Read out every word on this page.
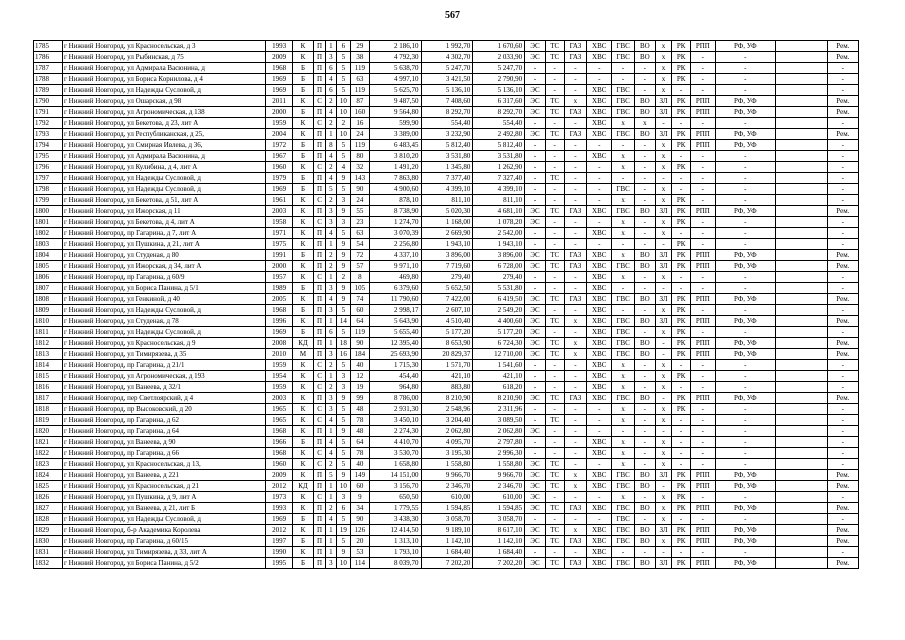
567
1785	г Нижний Новгород, ул Красносельская, д 3	1993	К	П	1	6	29	2 186,10	1 992,70	1 670,60	ЭС	ТС	ГАЗ	ХВС	ГВС	ВО	х	РК	РПП	РФ, УФ		Рем.
1786	г Нижний Новгород, ул Рыбинская, д 75	2009	К	П	3	5	38	4 792,30	4 302,70	2 033,90	ЭС	ТС	ГАЗ	ХВС	ГВС	ВО	х	РК	-	-		Рем.
1787	г Нижний Новгород, ул Адмирала Васюнина, д	1968	Б	П	6	5	119	5 638,70	5 247,70	5 247,70	-	-	-	-	-	-	х	РК	-	-		-
1788	г Нижний Новгород, ул Бориса Корнилова, д 4	1969	Б	П	4	5	63	4 997,10	3 421,50	2 790,90	-	-	-	-	-	-	х	РК	-	-		-
1789	г Нижний Новгород, ул Надежды Сусловой, д	1969	Б	П	6	5	119	5 625,70	5 136,10	5 136,10	ЭС	-	-	ХВС	ГВС	-	х	-	-	-		-
1790	г Нижний Новгород, ул Ошарская, д 98	2011	К	С	2	10	87	9 487,50	7 408,60	6 317,60	ЭС	ТС	х	ХВС	ГВС	ВО	ЗЛ	РК	РПП	РФ, УФ		Рем.
1791	г Нижний Новгород, ул Агрономическая, д 138	2000	Б	П	4	10	160	9 564,80	8 292,70	8 292,70	ЭС	ТС	ГАЗ	ХВС	ГВС	ВО	ЗЛ	РК	РПП	РФ, УФ		Рем.
1792	г Нижний Новгород, ул Бекетова, д 23, лит А	1959	К	С	2	2	16	599,90	554,40	554,40	-	-	-	ХВС	х	х	-	-	-	-		-
1793	г Нижний Новгород, ул Республиканская, д 25,	2004	К	П	1	10	24	3 389,00	3 232,90	2 492,80	ЭС	ТС	ГАЗ	ХВС	ГВС	ВО	ЗЛ	РК	РПП	РФ, УФ		Рем.
1794	г Нижний Новгород, ул Смирная Ивлева, д 36,	1972	Б	П	8	5	119	6 483,45	5 812,40	5 812,40	-	-	-	-	-	-	х	РК	РПП	РФ, УФ		-
1795	г Нижний Новгород, ул Адмирала Васюнина, д	1967	Б	П	4	5	80	3 810,20	3 531,80	3 531,80	-	-	-	ХВС	х	-	х	-	-	-		-
1796	г Нижний Новгород, ул Кулибина, д 4, лит А	1960	К	С	2	4	32	1 491,20	1 345,80	1 262,90	-	-	-	-	х	-	х	РК	-	-		-
1797	г Нижний Новгород, ул Надежды Сусловой, д	1979	Б	П	4	9	143	7 863,80	7 377,40	7 327,40	-	ТС	-	-	-	-	-	-	-	-		-
1798	г Нижний Новгород, ул Надежды Сусловой, д	1969	Б	П	5	5	90	4 900,60	4 399,10	4 399,10	-	-	-	-	ГВС	-	х	-	-	-		-
1799	г Нижний Новгород, ул Бекетова, д 51, лит А	1961	К	С	2	3	24	878,10	811,10	811,10	-	-	-	-	х	-	х	РК	-	-		-
1800	г Нижний Новгород, ул Ижорская, д 11	2003	К	П	3	9	55	8 738,90	5 020,30	4 681,10	ЭС	ТС	ГАЗ	ХВС	ГВС	ВО	ЗЛ	РК	РПП	РФ, УФ		Рем.
1801	г Нижний Новгород, ул Бекетова, д 4, лит А	1958	К	С	3	3	23	1 274,70	1 168,00	1 078,20	ЭС	-	-	-	х	-	х	РК	-	-		-
1802	г Нижний Новгород, пр Гагарина, д 7, лит А	1971	К	П	4	5	63	3 070,39	2 669,90	2 542,00	-	-	-	ХВС	х	-	х	-	-	-		-
1803	г Нижний Новгород, ул Пушкина, д 21, лит А	1975	К	П	1	9	54	2 256,80	1 943,10	1 943,10	-	-	-	-	-	-	-	РК	-	-		-
1804	г Нижний Новгород, ул Студеная, д 80	1991	Б	П	2	9	72	4 337,10	3 896,00	3 896,00	ЭС	ТС	ГАЗ	ХВС	х	ВО	ЗЛ	РК	РПП	РФ, УФ		Рем.
1805	г Нижний Новгород, ул Ижорская, д 34, лит А	2000	К	П	2	9	57	9 971,10	7 719,60	6 728,00	ЭС	ТС	ГАЗ	ХВС	ГВС	ВО	ЗЛ	РК	РПП	РФ, УФ		Рем.
1806	г Нижний Новгород, пр Гагарина, д 60/9	1957	К	С	1	2	8	469,80	279,40	279,40	-	-	-	ХВС	х	-	х	-	-	-		-
1807	г Нижний Новгород, ул Бориса Панина, д 5/1	1989	Б	П	3	9	105	6 379,60	5 652,50	5 531,80	-	-	-	ХВС	-	-	-	-	-	-		-
1808	г Нижний Новгород, ул Генкиной, д 40	2005	К	П	4	9	74	11 790,60	7 422,00	6 419,50	ЭС	ТС	ГАЗ	ХВС	ГВС	ВО	ЗЛ	РК	РПП	РФ, УФ		Рем.
1809	г Нижний Новгород, ул Надежды Сусловой, д	1968	Б	П	3	5	60	2 998,17	2 607,10	2 549,20	ЭС	-	-	ХВС	-	-	х	РК	-	-		-
1810	г Нижний Новгород, ул Студеная, д 78	1996	К	П	1	14	64	5 643,90	4 510,40	4 400,60	ЭС	ТС	х	ХВС	ГВС	ВО	ЗЛ	РК	РПП	РФ, УФ		Рем.
1811	г Нижний Новгород, ул Надежды Сусловой, д	1969	Б	П	6	5	119	5 655,40	5 177,20	5 177,20	ЭС	-	-	ХВС	ГВС	-	х	РК	-	-		-
1812	г Нижний Новгород, ул Красносельская, д 9	2008	КД	П	1	18	90	12 395,40	8 653,90	6 724,30	ЭС	ТС	х	ХВС	ГВС	ВО	-	РК	РПП	РФ, УФ		Рем.
1813	г Нижний Новгород, ул Тимирязева, д 35	2010	М	П	3	16	184	25 693,90	20 829,37	12 710,00	ЭС	ТС	х	ХВС	ГВС	ВО	-	РК	РПП	РФ, УФ		Рем.
1814	г Нижний Новгород, пр Гагарина, д 21/1	1959	К	С	2	5	40	1 715,30	1 571,70	1 541,60	-	-	-	ХВС	х	-	х	-	-	-		-
1815	г Нижний Новгород, ул Агрономическая, д 193	1954	К	С	1	3	12	454,40	421,10	421,10	-	-	-	ХВС	х	-	х	РК	-	-		-
1816	г Нижний Новгород, ул Ванеева, д 32/1	1959	К	С	2	3	19	964,80	883,80	618,20	-	-	-	ХВС	х	-	х	-	-	-		-
1817	г Нижний Новгород, пер Светлоярский, д 4	2003	К	П	3	9	99	8 786,00	8 210,90	8 210,90	ЭС	ТС	ГАЗ	ХВС	ГВС	ВО	-	РК	РПП	РФ, УФ		Рем.
1818	г Нижний Новгород, пр Высоковский, д 20	1965	К	С	3	5	48	2 931,30	2 548,96	2 311,96	-	-	-	-	х	-	х	РК	-	-		-
1819	г Нижний Новгород, пр Гагарина, д 62	1965	К	С	4	5	78	3 450,10	3 204,40	3 089,50	-	ТС	-	-	х	-	х	-	-	-		-
1820	г Нижний Новгород, пр Гагарина, д 64	1968	К	П	1	9	48	2 274,30	2 062,80	2 062,80	ЭС	-	-	-	-	-	-	-	-	-		-
1821	г Нижний Новгород, ул Ванеева, д 90	1966	Б	П	4	5	64	4 410,70	4 095,70	2 797,80	-	-	-	ХВС	х	-	х	-	-	-		-
1822	г Нижний Новгород, пр Гагарина, д 66	1968	К	С	4	5	78	3 530,70	3 195,30	2 996,30	-	-	-	ХВС	х	-	х	-	-	-		-
1823	г Нижний Новгород, ул Красносельская, д 13,	1960	К	С	2	5	40	1 658,80	1 558,80	1 558,80	ЭС	ТС	-	-	х	-	х	-	-	-		-
1824	г Нижний Новгород, ул Ванеева, д 221	2009	К	П	5	9	149	14 151,00	9 966,70	9 966,70	ЭС	ТС	х	ХВС	ГВС	ВО	ЗЛ	РК	РПП	РФ, УФ		Рем.
1825	г Нижний Новгород, ул Красносельская, д 21	2012	КД	П	1	10	60	3 156,70	2 346,70	2 346,70	ЭС	ТС	х	ХВС	ГВС	ВО	-	РК	РПП	РФ, УФ		Рем.
1826	г Нижний Новгород, ул Пушкина, д 9, лит А	1973	К	С	1	3	9	650,50	610,00	610,00	ЭС	-	-	-	х	-	х	РК	-	-		-
1827	г Нижний Новгород, ул Ванеева, д 21, лит Б	1993	К	П	2	6	34	1 779,55	1 594,85	1 594,85	ЭС	ТС	ГАЗ	ХВС	ГВС	ВО	х	РК	РПП	РФ, УФ		Рем.
1828	г Нижний Новгород, ул Надежды Сусловой, д	1969	Б	П	4	5	90	3 438,30	3 058,70	3 058,70	-	-	-	-	ГВС	-	х	-	-	-		-
1829	г Нижний Новгород, б-р Академика Королева	2012	К	П	1	19	126	12 414,50	9 189,10	8 617,10	ЭС	ТС	х	ХВС	ГВС	ВО	ЗЛ	РК	РПП	РФ, УФ		Рем.
1830	г Нижний Новгород, пр Гагарина, д 60/15	1997	Б	П	1	5	20	1 313,10	1 142,10	1 142,10	ЭС	ТС	ГАЗ	ХВС	ГВС	ВО	х	РК	РПП	РФ, УФ		Рем.
1831	г Нижний Новгород, ул Тимирязева, д 33, лит А	1990	К	П	1	9	53	1 793,10	1 684,40	1 684,40	-	-	-	ХВС	-	-	-	-	-	-		-
1832	г Нижний Новгород, ул Бориса Панина, д 5/2	1995	Б	П	3	10	114	8 039,70	7 202,20	7 202,20	ЭС	ТС	ГАЗ	ХВС	ГВС	ВО	ЗЛ	РК	РПП	РФ, УФ		Рем.
